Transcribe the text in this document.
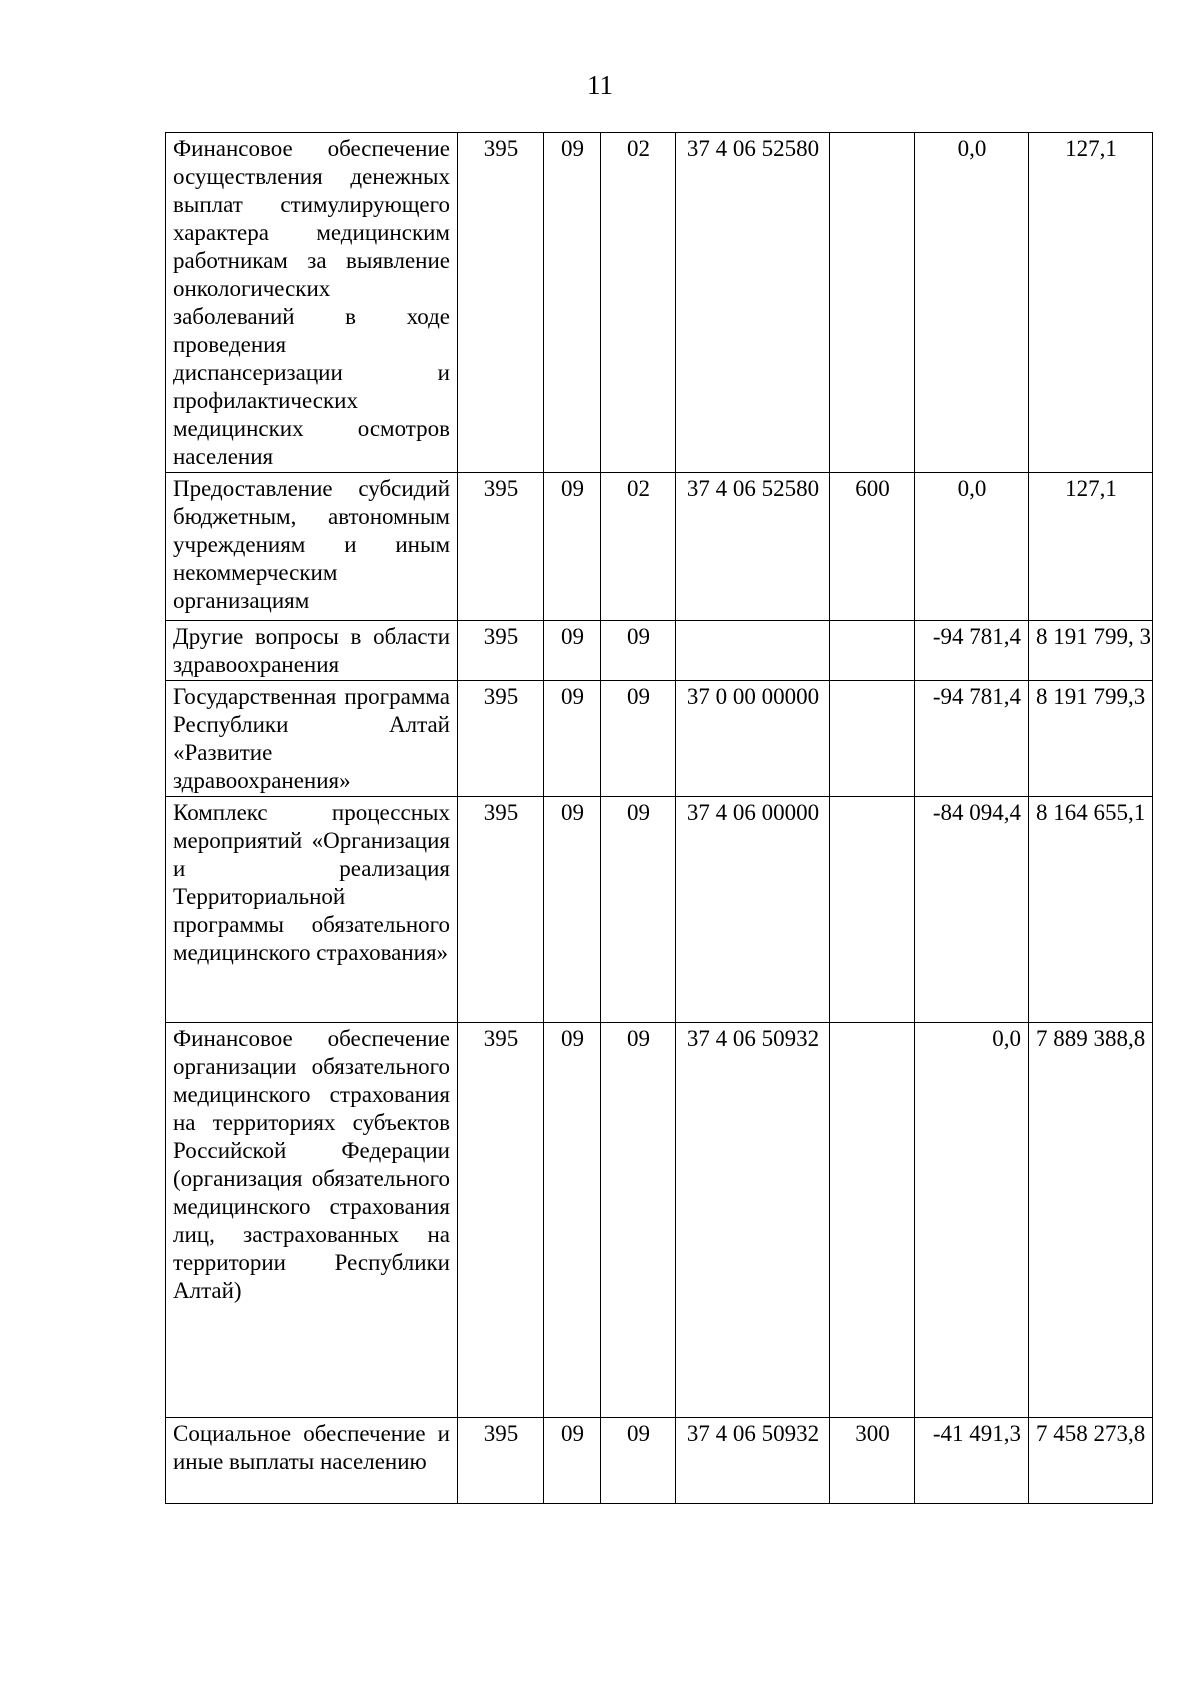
11
Финансовое обеспечение осуществления денежных выплат стимулирующего характера медицинским работникам за выявление онкологических заболеваний в ходе проведения диспансеризации и профилактических медицинских осмотров населения	395	09	02	37 4 06 52580		0,0	127,1
Предоставление субсидий бюджетным, автономным учреждениям и иным некоммерческим организациям	395	09	02	37 4 06 52580	600	0,0	127,1
Другие вопросы в области здравоохранения	395	09	09			-94 781,4	8 191 799, 3
Государственная программа Республики Алтай «Развитие здравоохранения»	395	09	09	37 0 00 00000		-94 781,4	8 191 799,3
Комплекс процессных мероприятий «Организация и реализация Территориальной программы обязательного медицинского страхования»	395	09	09	37 4 06 00000		-84 094,4	8 164 655,1
Финансовое обеспечение организации обязательного медицинского страхования на территориях субъектов Российской Федерации (организация обязательного медицинского страхования лиц, застрахованных на территории Республики Алтай)	395	09	09	37 4 06 50932		0,0	7 889 388,8
Социальное обеспечение и иные выплаты населению	395	09	09	37 4 06 50932	300	-41 491,3	7 458 273,8
